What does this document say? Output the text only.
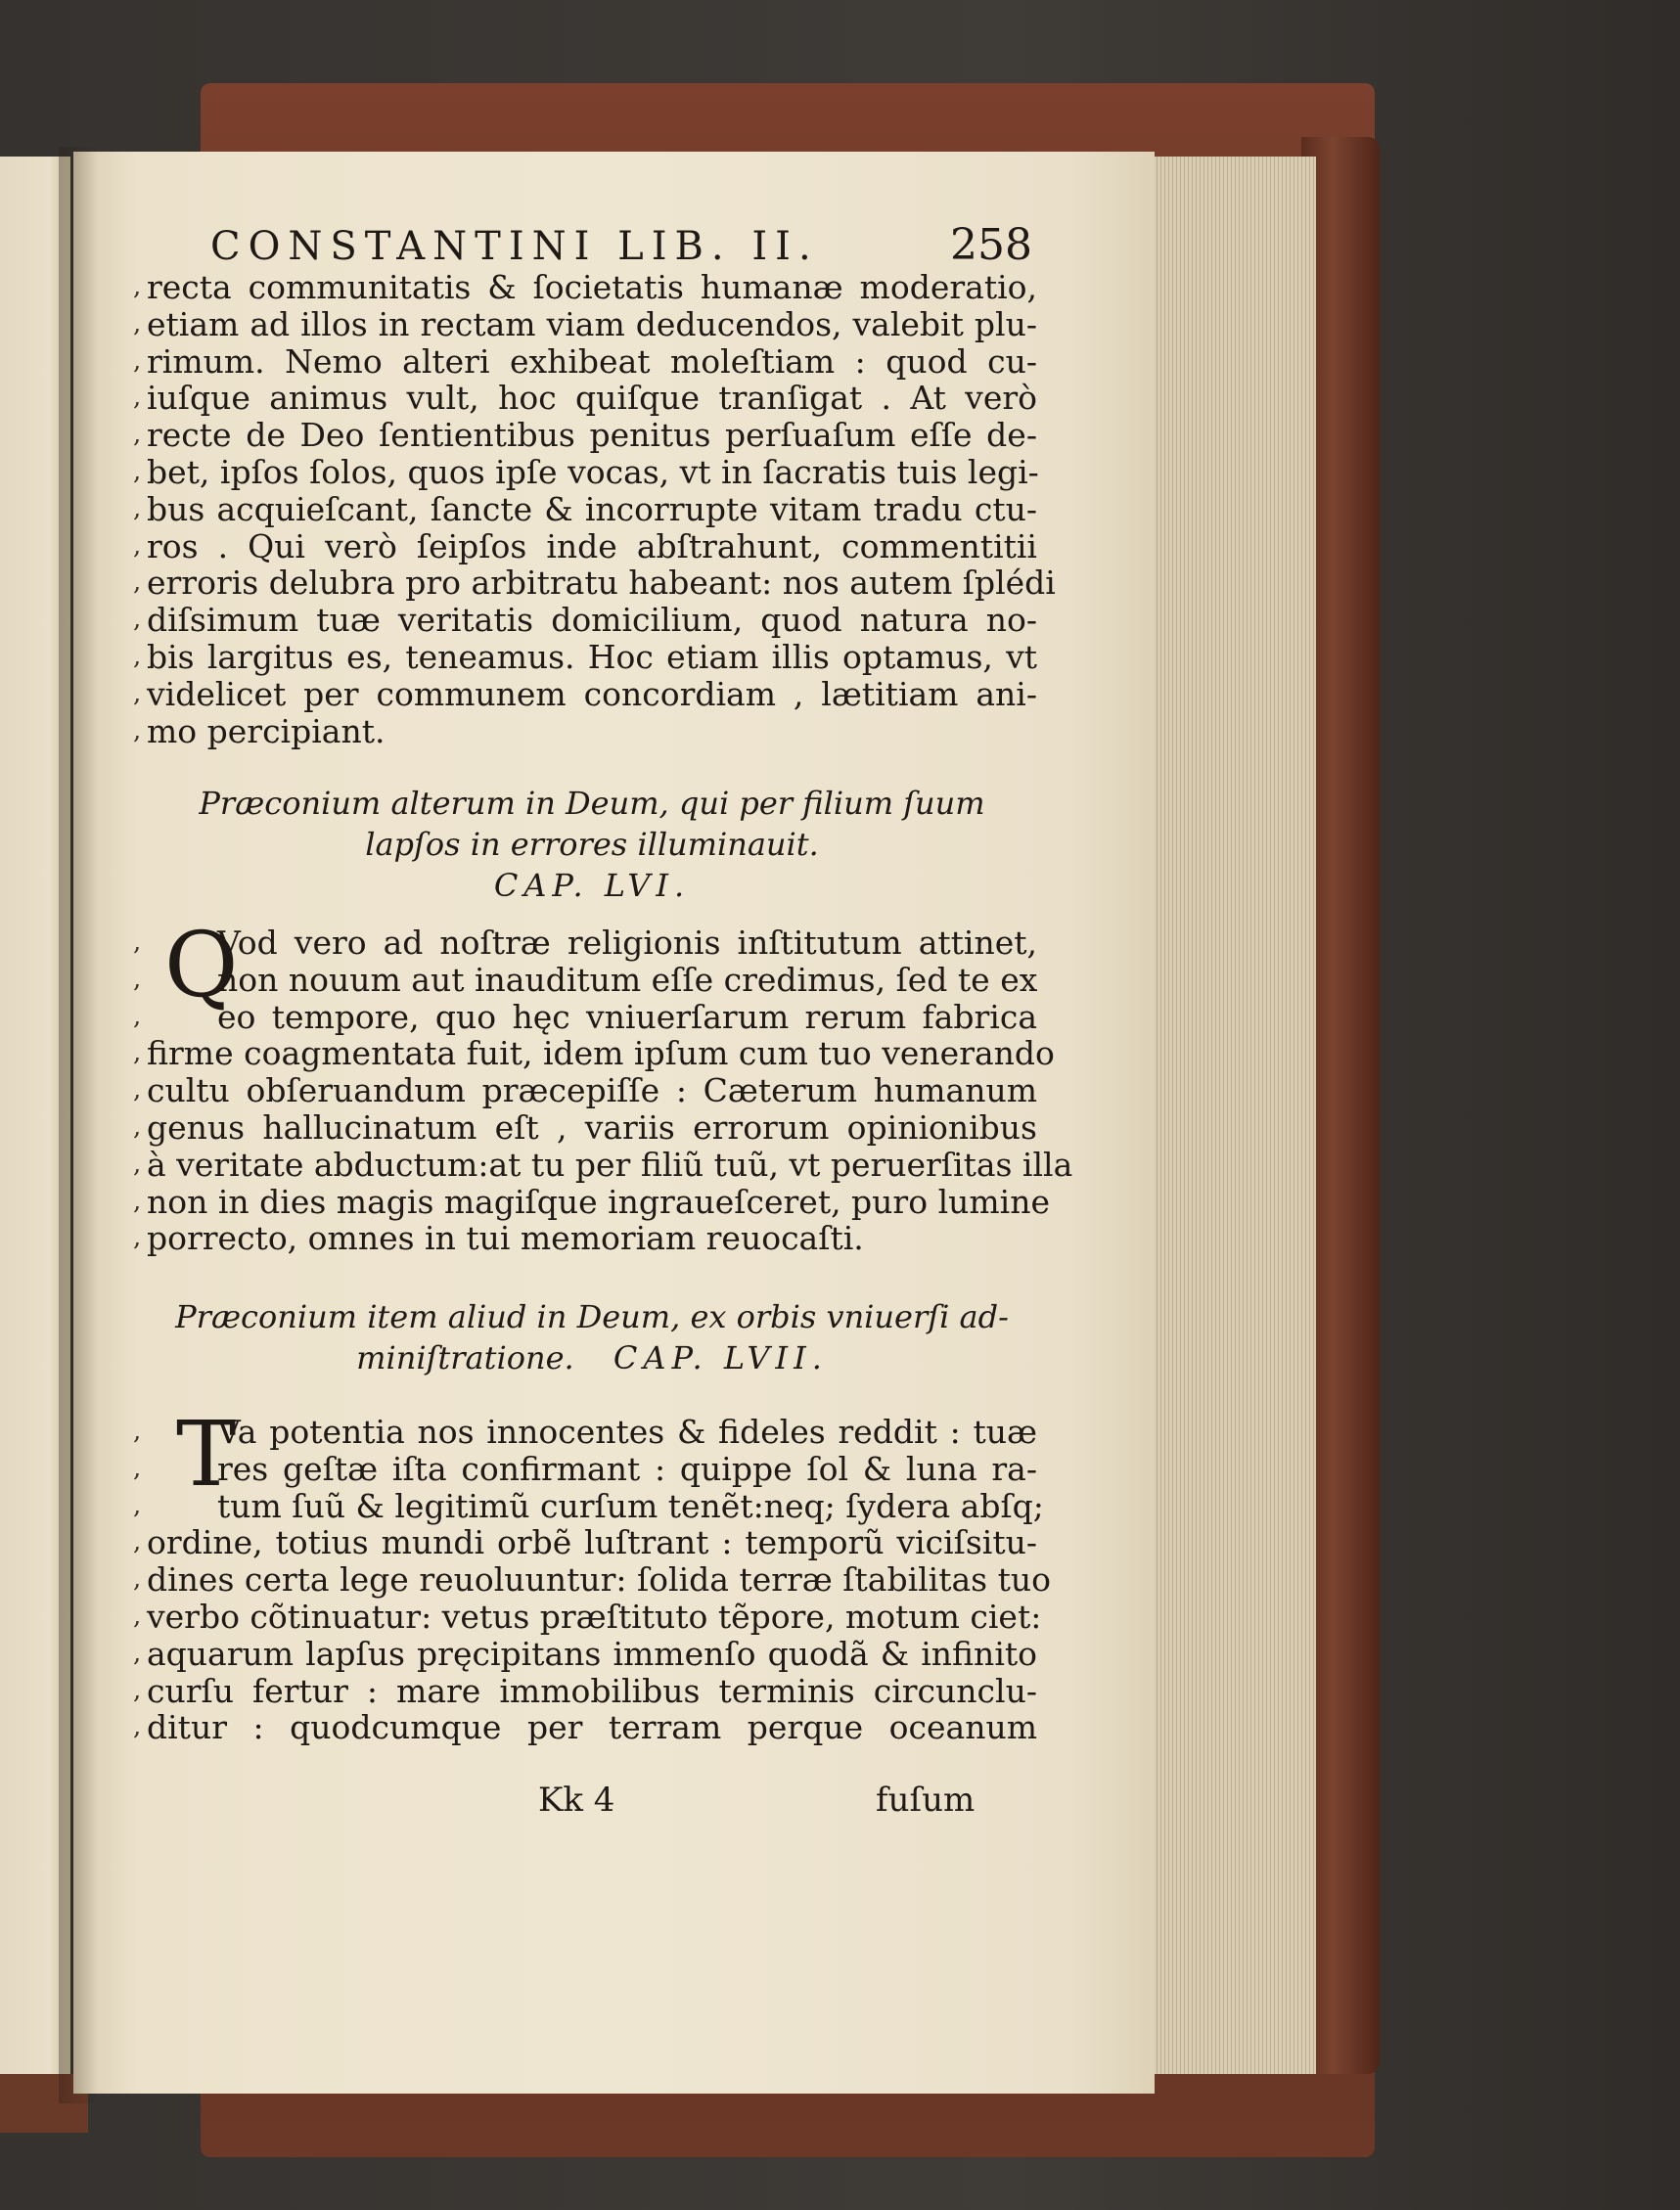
CONSTANTINI LIB. II.	258
, recta communitatis & ſocietatis humanæ moderatio,
, etiam ad illos in rectam viam deducendos, valebit plu-
, rimum. Nemo alteri exhibeat moleſtiam : quod cu-
, iuſque animus vult, hoc quiſque tranſigat . At verò
, recte de Deo ſentientibus penitus perſuaſum eſſe de-
, bet, ipſos ſolos, quos ipſe vocas, vt in ſacratis tuis legi-
, bus acquieſcant, ſancte & incorrupte vitam tradu ctu-
, ros . Qui verò ſeipſos inde abſtrahunt, commentitii
, erroris delubra pro arbitratu habeant: nos autem ſplédi
, diſsimum tuæ veritatis domicilium, quod natura no-
, bis largitus es, teneamus. Hoc etiam illis optamus, vt
, videlicet per communem concordiam , lætitiam ani-
, mo percipiant.
Præconium alterum in Deum, qui per filium ſuum
lapſos in errores illuminauit.
CAP. LVI.
Q
, Vod vero ad noſtræ religionis inſtitutum attinet,
, non nouum aut inauditum eſſe credimus, ſed te ex
, eo tempore, quo hęc vniuerſarum rerum fabrica
, firme coagmentata fuit, idem ipſum cum tuo venerando
, cultu obſeruandum præcepiſſe : Cæterum humanum
, genus hallucinatum eſt , variis errorum opinionibus
, à veritate abductum:at tu per filiũ tuũ, vt peruerſitas illa
, non in dies magis magiſque ingraueſceret, puro lumine
, porrecto, omnes in tui memoriam reuocaſti.
Præconium item aliud in Deum, ex orbis vniuerſi ad-
miniſtratione. CAP. LVII.
T
, Va potentia nos innocentes & fideles reddit : tuæ
, res geſtæ iſta confirmant : quippe ſol & luna ra-
, tum ſuũ & legitimũ curſum tenẽt:neq; ſydera abſq;
, ordine, totius mundi orbẽ luſtrant : temporũ viciſsitu-
, dines certa lege reuoluuntur: ſolida terræ ſtabilitas tuo
, verbo cõtinuatur: vetus præſtituto tẽpore, motum ciet:
, aquarum lapſus pręcipitans immenſo quodã & infinito
, curſu fertur : mare immobilibus terminis circunclu-
, ditur : quodcumque per terram perque oceanum
Kk 4	fuſum
